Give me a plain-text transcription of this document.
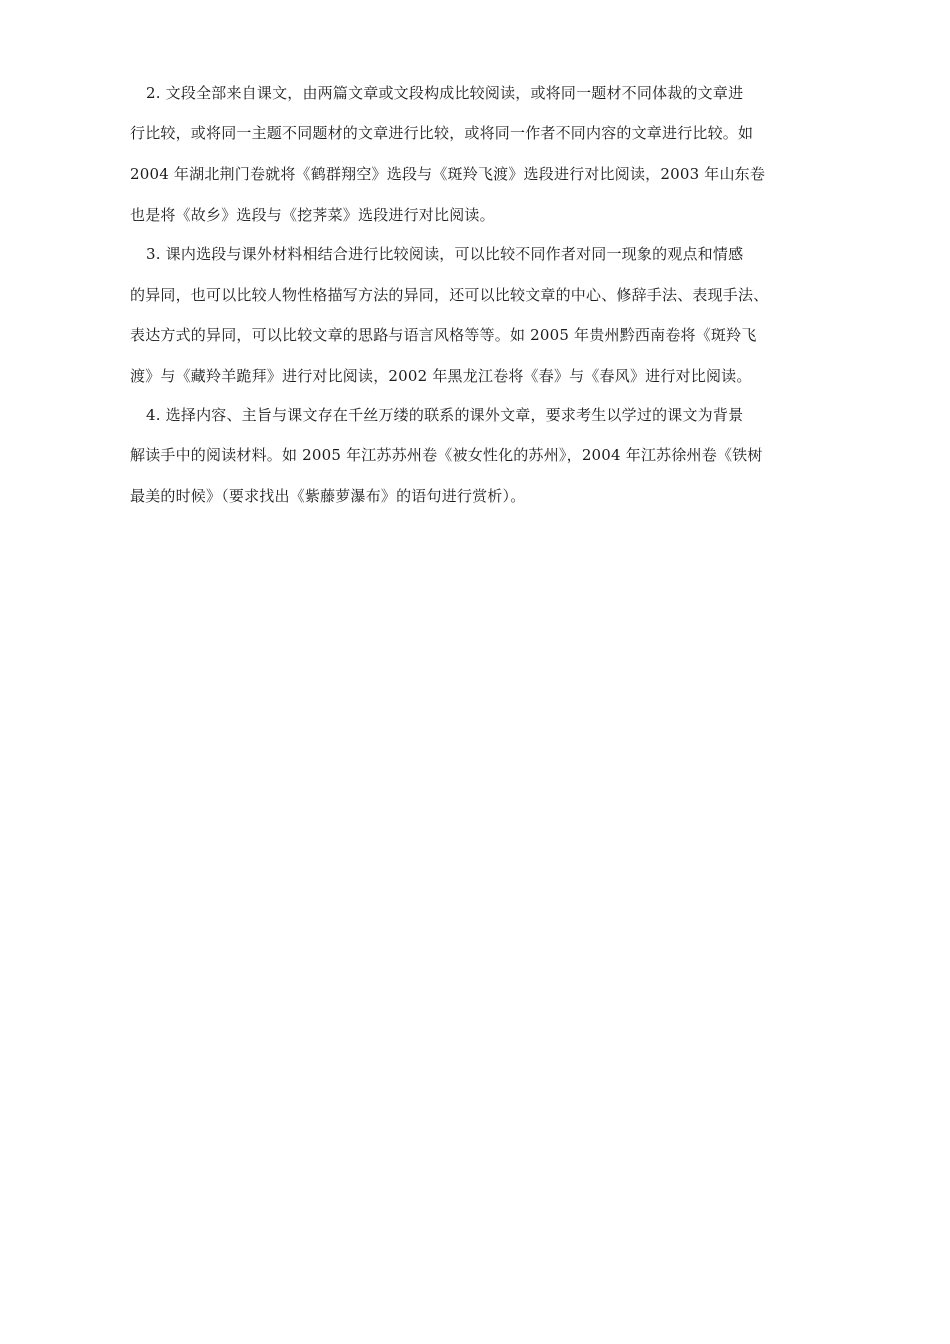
2. 文段全部来自课文，由两篇文章或文段构成比较阅读，或将同一题材不同体裁的文章进
行比较，或将同一主题不同题材的文章进行比较，或将同一作者不同内容的文章进行比较。如
2004 年湖北荆门卷就将《鹤群翔空》选段与《斑羚飞渡》选段进行对比阅读，2003 年山东卷
也是将《故乡》选段与《挖荠菜》选段进行对比阅读。
3. 课内选段与课外材料相结合进行比较阅读，可以比较不同作者对同一现象的观点和情感
的异同，也可以比较人物性格描写方法的异同，还可以比较文章的中心、修辞手法、表现手法、
表达方式的异同，可以比较文章的思路与语言风格等等。如 2005 年贵州黔西南卷将《斑羚飞
渡》与《藏羚羊跪拜》进行对比阅读，2002 年黑龙江卷将《春》与《春风》进行对比阅读。
4. 选择内容、主旨与课文存在千丝万缕的联系的课外文章，要求考生以学过的课文为背景
解读手中的阅读材料。如 2005 年江苏苏州卷《被女性化的苏州》，2004 年江苏徐州卷《铁树
最美的时候》（要求找出《紫藤萝瀑布》的语句进行赏析）。
